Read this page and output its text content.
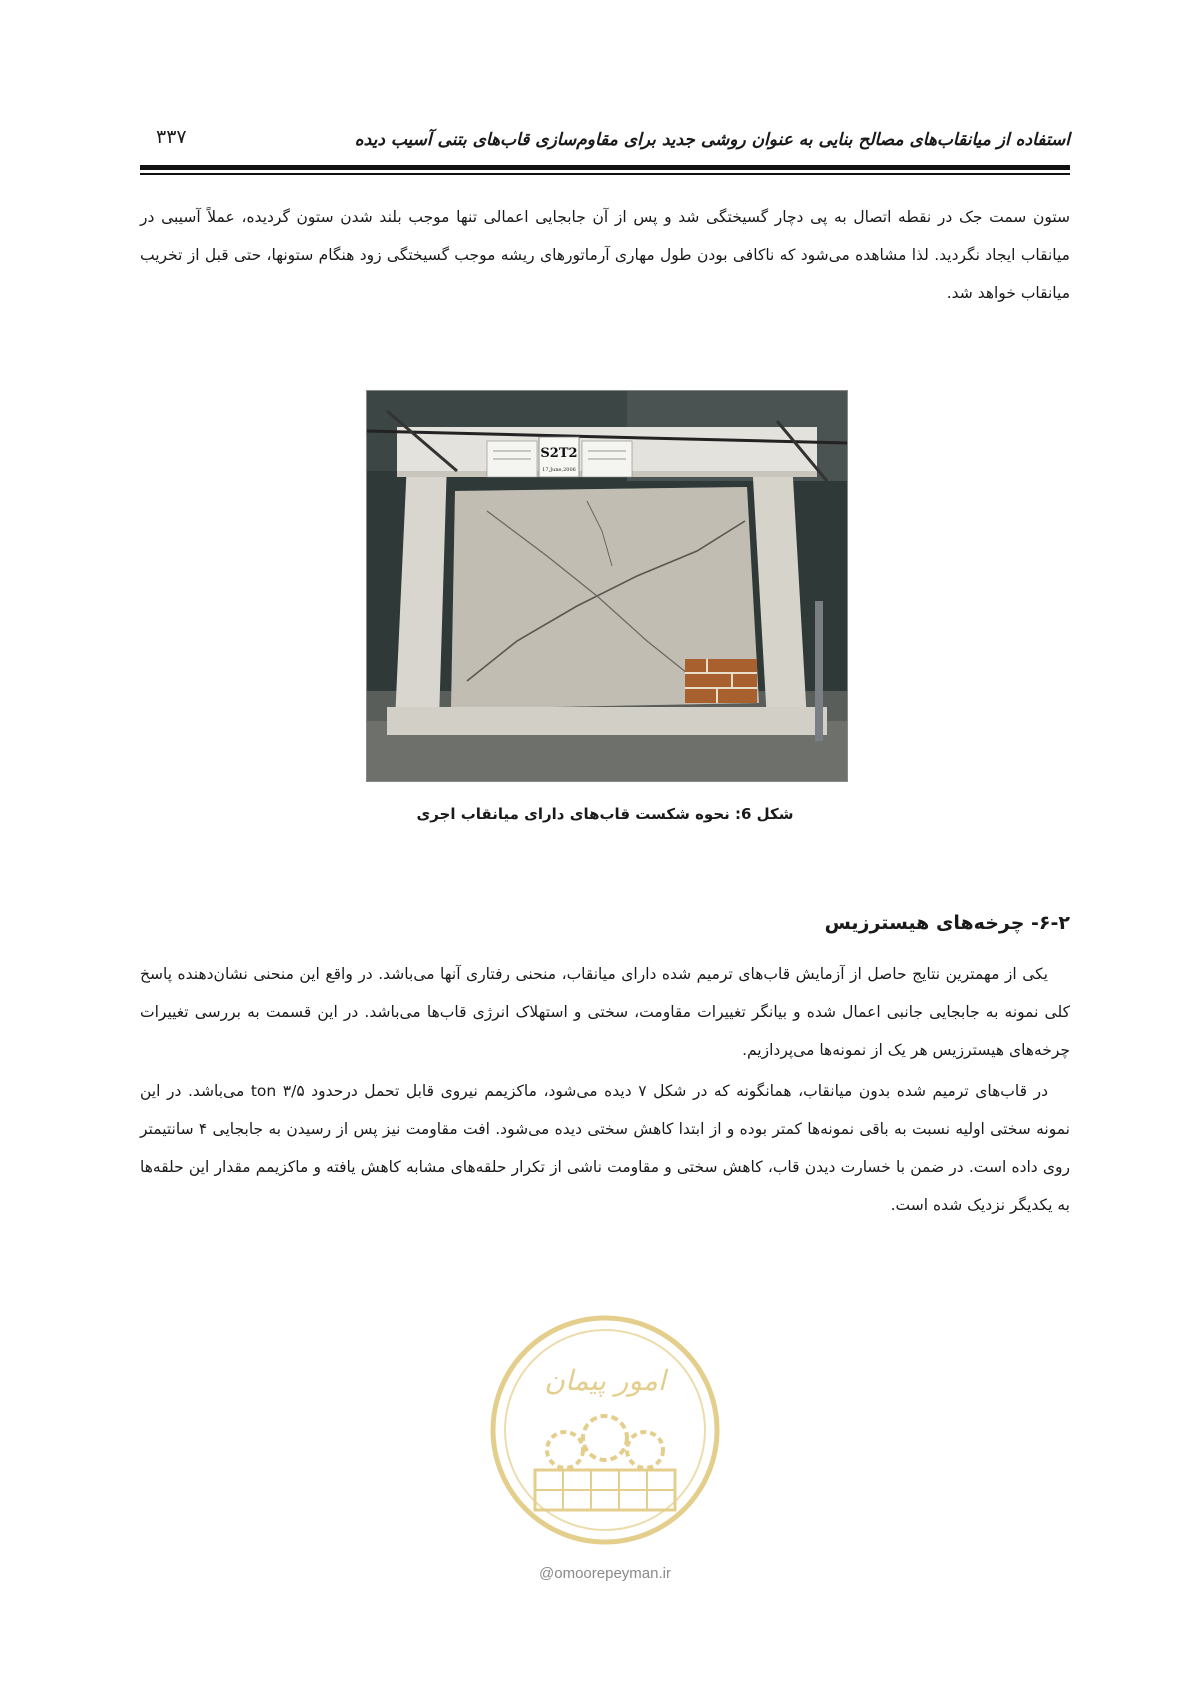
۳۳۷	استفاده از میانقاب‌های مصالح بنایی به عنوان روشی جدید برای مقاوم‌سازی قاب‌های بتنی آسیب دیده

ستون سمت جک در نقطه اتصال به پی دچار گسیختگی شد و پس از آن جابجایی اعمالی تنها موجب بلند شدن ستون گردیده، عملاً آسیبی در میانقاب ایجاد نگردید. لذا مشاهده می‌شود که ناکافی بودن طول مهاری آرماتورهای ریشه موجب گسیختگی زود هنگام ستونها، حتی قبل از تخریب میانقاب خواهد شد.

S2T2
17,June,2006
شکل 6: نحوه شکست قاب‌های دارای میانقاب اجری
۶-۲- چرخه‌های هیسترزیس

یکی از مهمترین نتایج حاصل از آزمایش قاب‌های ترمیم شده دارای میانقاب، منحنی رفتاری آنها می‌باشد. در واقع این منحنی نشان‌دهنده پاسخ کلی نمونه به جابجایی جانبی اعمال شده و بیانگر تغییرات مقاومت، سختی و استهلاک انرژی قاب‌ها می‌باشد. در این قسمت به بررسی تغییرات چرخه‌های هیسترزیس هر یک از نمونه‌ها می‌پردازیم.

در قاب‌های ترمیم شده بدون میانقاب، همانگونه که در شکل ۷ دیده می‌شود، ماکزیمم نیروی قابل تحمل درحدود ton ۳/۵ می‌باشد. در این نمونه سختی اولیه نسبت به باقی نمونه‌ها کمتر بوده و از ابتدا کاهش سختی دیده می‌شود. افت مقاومت نیز پس از رسیدن به جابجایی ۴ سانتیمتر روی داده است. در ضمن با خسارت دیدن قاب، کاهش سختی و مقاومت ناشی از تکرار حلقه‌های مشابه کاهش یافته و ماکزیمم مقدار این حلقه‌ها به یکدیگر نزدیک شده است.

امور پیمان
@omoorepeyman.ir
